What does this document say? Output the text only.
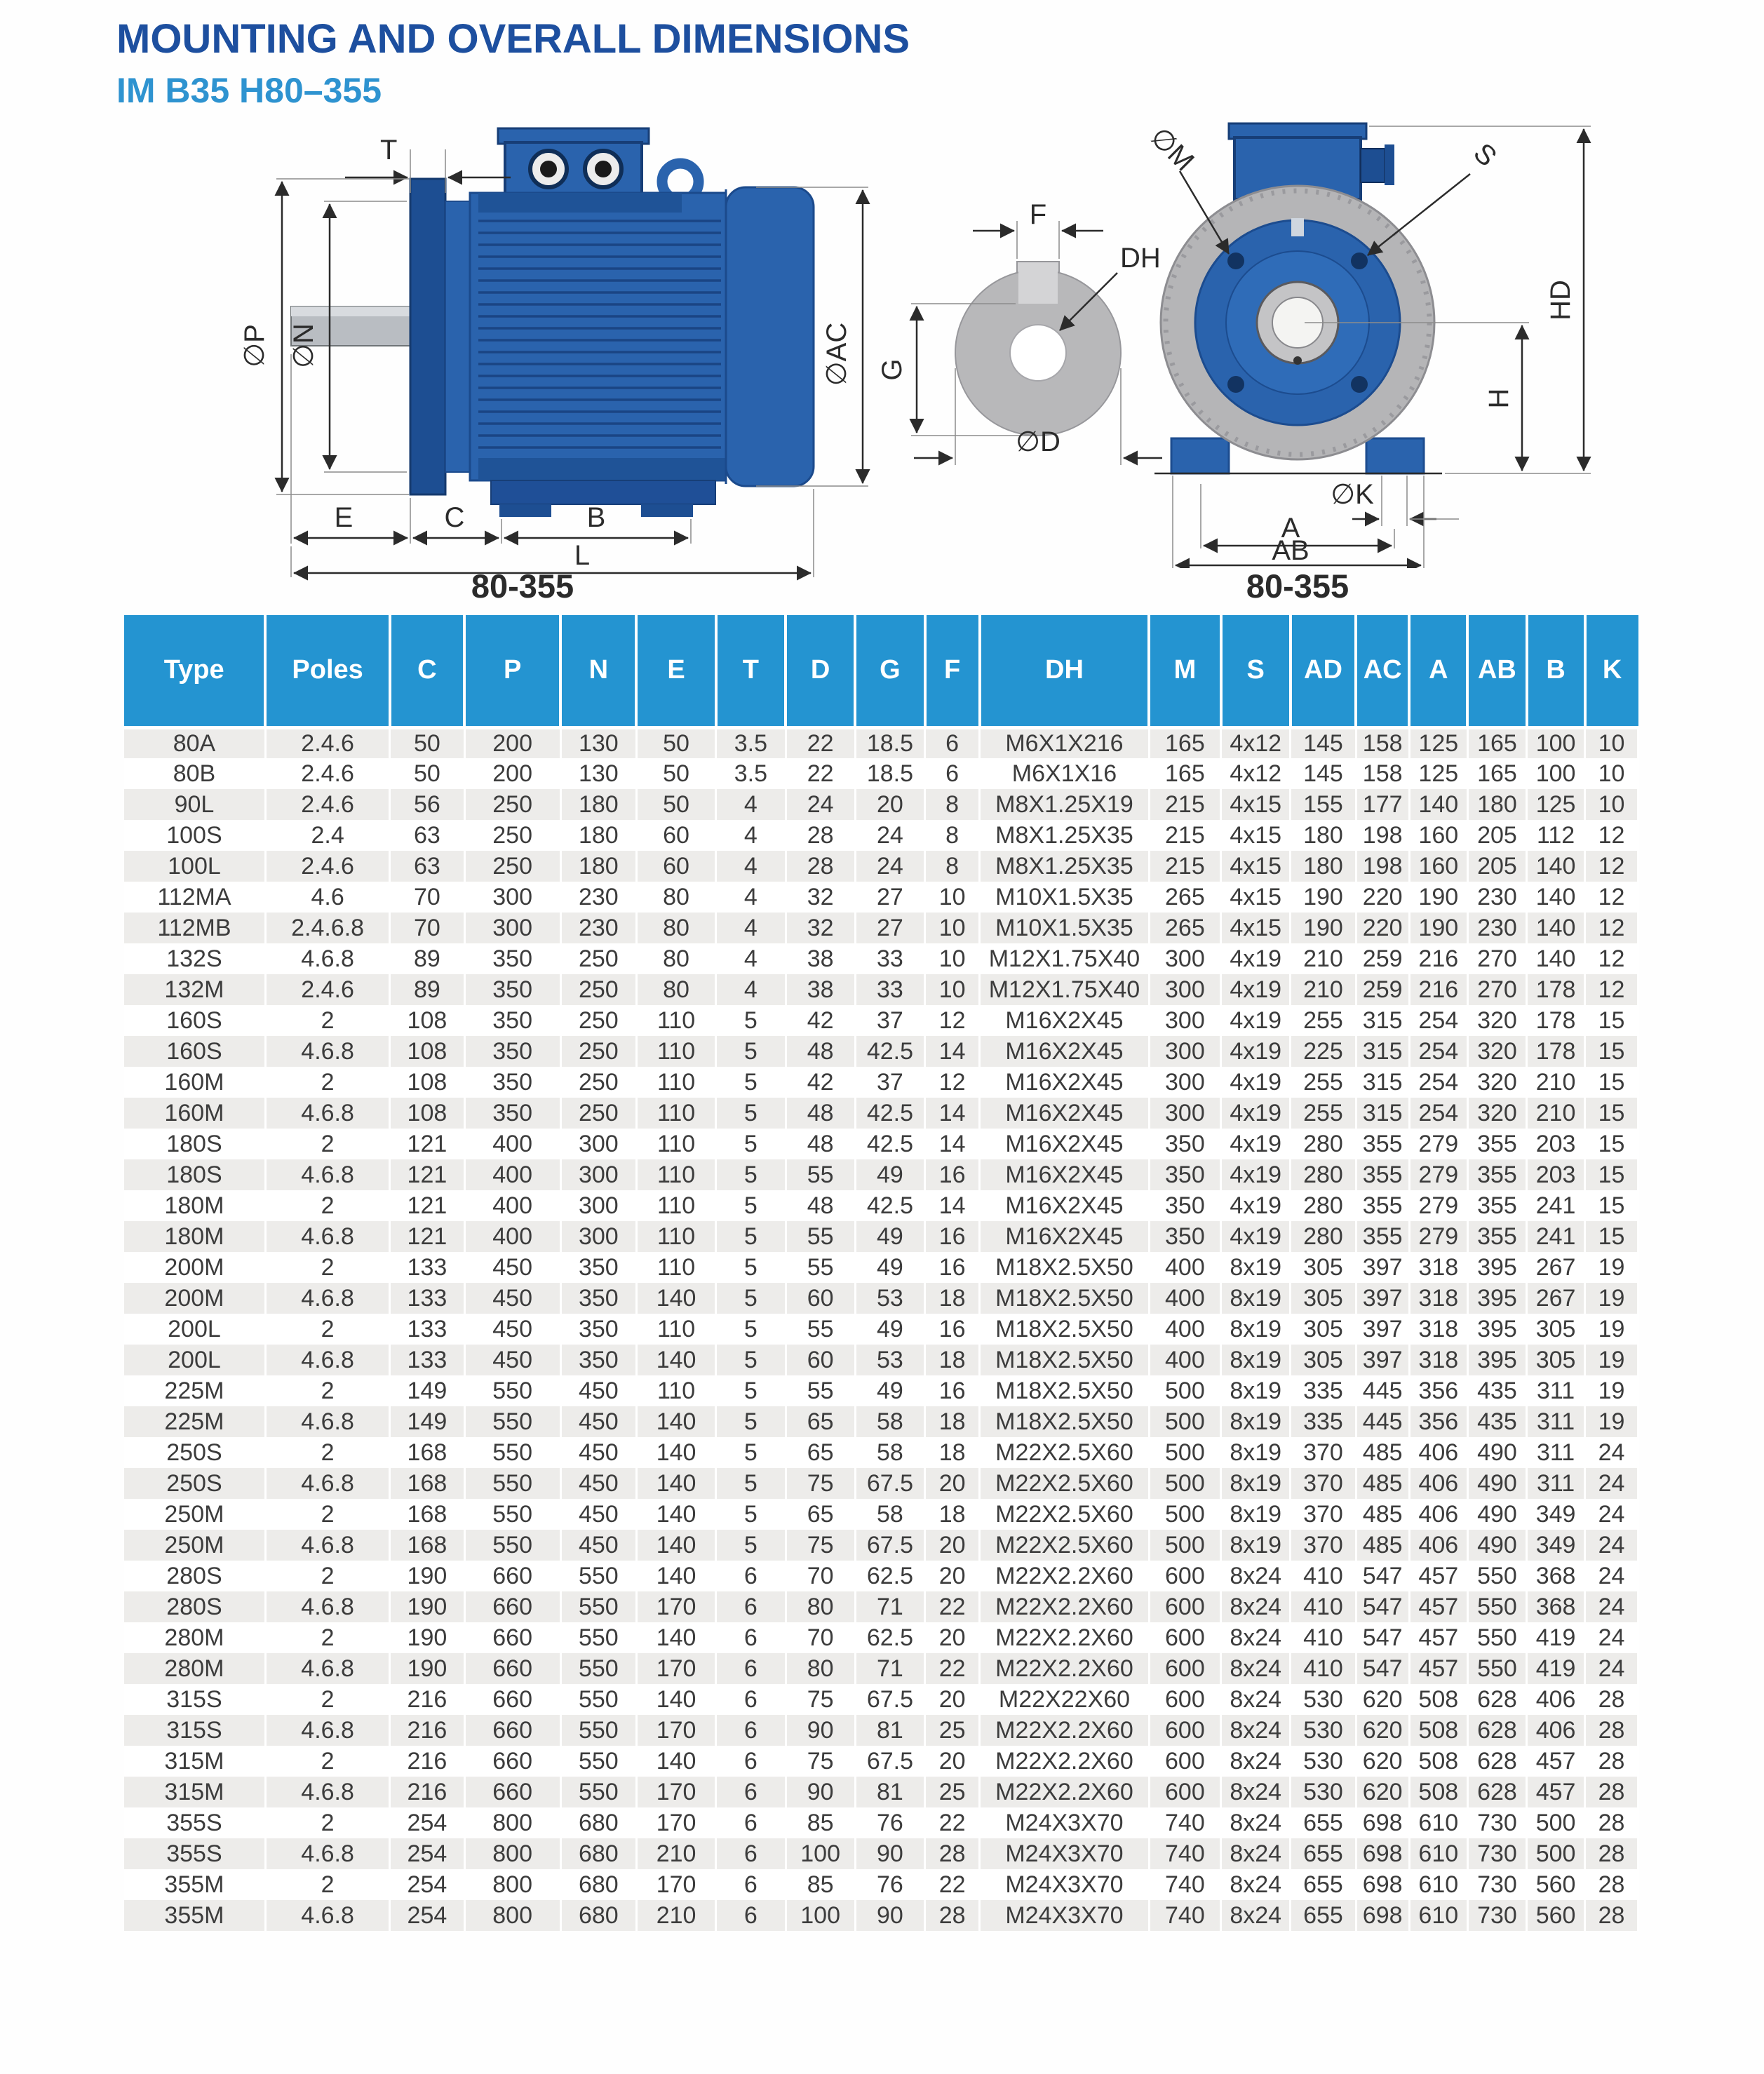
MOUNTING AND OVERALL DIMENSIONS
IM B35 H80–355
T
∅P ∅N	∅AC
E	C	B
L
F
DH
G
∅D
HD
H
∅M	S
∅K
A
AB
80-355	80-355
Type	Poles	C	P	N	E	T	D	G	F	DH	M	S	AD	AC	A	AB	B	K
80A	2.4.6	50	200	130	50	3.5	22	18.5	6	M6X1X216	165	4x12	145	158	125	165	100	10
80B	2.4.6	50	200	130	50	3.5	22	18.5	6	M6X1X16	165	4x12	145	158	125	165	100	10
90L	2.4.6	56	250	180	50	4	24	20	8	M8X1.25X19	215	4x15	155	177	140	180	125	10
100S	2.4	63	250	180	60	4	28	24	8	M8X1.25X35	215	4x15	180	198	160	205	112	12
100L	2.4.6	63	250	180	60	4	28	24	8	M8X1.25X35	215	4x15	180	198	160	205	140	12
112MA	4.6	70	300	230	80	4	32	27	10	M10X1.5X35	265	4x15	190	220	190	230	140	12
112MB	2.4.6.8	70	300	230	80	4	32	27	10	M10X1.5X35	265	4x15	190	220	190	230	140	12
132S	4.6.8	89	350	250	80	4	38	33	10	M12X1.75X40	300	4x19	210	259	216	270	140	12
132M	2.4.6	89	350	250	80	4	38	33	10	M12X1.75X40	300	4x19	210	259	216	270	178	12
160S	2	108	350	250	110	5	42	37	12	M16X2X45	300	4x19	255	315	254	320	178	15
160S	4.6.8	108	350	250	110	5	48	42.5	14	M16X2X45	300	4x19	225	315	254	320	178	15
160M	2	108	350	250	110	5	42	37	12	M16X2X45	300	4x19	255	315	254	320	210	15
160M	4.6.8	108	350	250	110	5	48	42.5	14	M16X2X45	300	4x19	255	315	254	320	210	15
180S	2	121	400	300	110	5	48	42.5	14	M16X2X45	350	4x19	280	355	279	355	203	15
180S	4.6.8	121	400	300	110	5	55	49	16	M16X2X45	350	4x19	280	355	279	355	203	15
180M	2	121	400	300	110	5	48	42.5	14	M16X2X45	350	4x19	280	355	279	355	241	15
180M	4.6.8	121	400	300	110	5	55	49	16	M16X2X45	350	4x19	280	355	279	355	241	15
200M	2	133	450	350	110	5	55	49	16	M18X2.5X50	400	8x19	305	397	318	395	267	19
200M	4.6.8	133	450	350	140	5	60	53	18	M18X2.5X50	400	8x19	305	397	318	395	267	19
200L	2	133	450	350	110	5	55	49	16	M18X2.5X50	400	8x19	305	397	318	395	305	19
200L	4.6.8	133	450	350	140	5	60	53	18	M18X2.5X50	400	8x19	305	397	318	395	305	19
225M	2	149	550	450	110	5	55	49	16	M18X2.5X50	500	8x19	335	445	356	435	311	19
225M	4.6.8	149	550	450	140	5	65	58	18	M18X2.5X50	500	8x19	335	445	356	435	311	19
250S	2	168	550	450	140	5	65	58	18	M22X2.5X60	500	8x19	370	485	406	490	311	24
250S	4.6.8	168	550	450	140	5	75	67.5	20	M22X2.5X60	500	8x19	370	485	406	490	311	24
250M	2	168	550	450	140	5	65	58	18	M22X2.5X60	500	8x19	370	485	406	490	349	24
250M	4.6.8	168	550	450	140	5	75	67.5	20	M22X2.5X60	500	8x19	370	485	406	490	349	24
280S	2	190	660	550	140	6	70	62.5	20	M22X2.2X60	600	8x24	410	547	457	550	368	24
280S	4.6.8	190	660	550	170	6	80	71	22	M22X2.2X60	600	8x24	410	547	457	550	368	24
280M	2	190	660	550	140	6	70	62.5	20	M22X2.2X60	600	8x24	410	547	457	550	419	24
280M	4.6.8	190	660	550	170	6	80	71	22	M22X2.2X60	600	8x24	410	547	457	550	419	24
315S	2	216	660	550	140	6	75	67.5	20	M22X22X60	600	8x24	530	620	508	628	406	28
315S	4.6.8	216	660	550	170	6	90	81	25	M22X2.2X60	600	8x24	530	620	508	628	406	28
315M	2	216	660	550	140	6	75	67.5	20	M22X2.2X60	600	8x24	530	620	508	628	457	28
315M	4.6.8	216	660	550	170	6	90	81	25	M22X2.2X60	600	8x24	530	620	508	628	457	28
355S	2	254	800	680	170	6	85	76	22	M24X3X70	740	8x24	655	698	610	730	500	28
355S	4.6.8	254	800	680	210	6	100	90	28	M24X3X70	740	8x24	655	698	610	730	500	28
355M	2	254	800	680	170	6	85	76	22	M24X3X70	740	8x24	655	698	610	730	560	28
355M	4.6.8	254	800	680	210	6	100	90	28	M24X3X70	740	8x24	655	698	610	730	560	28
